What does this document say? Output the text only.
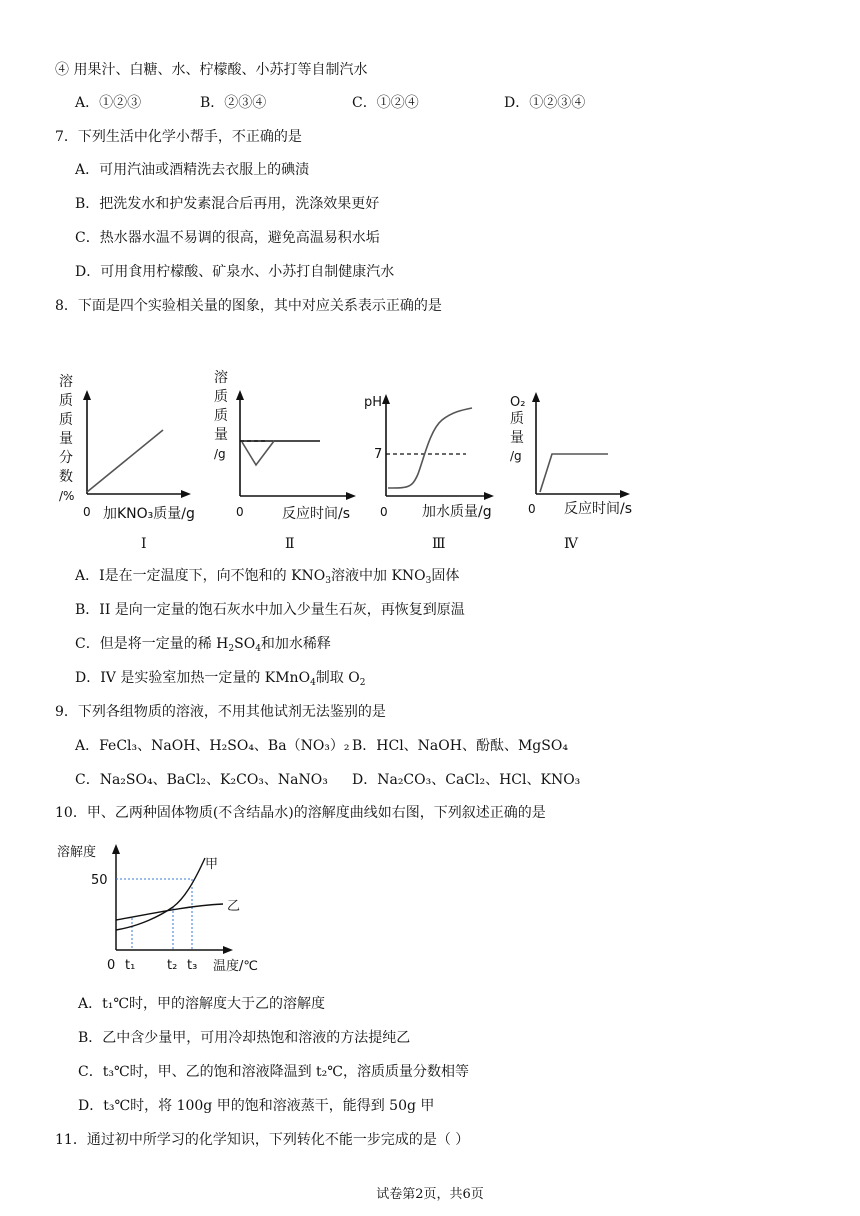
④ 用果汁、白糖、水、柠檬酸、小苏打等自制汽水
A．①②③	B．②③④	C．①②④	D．①②③④
7．下列生活中化学小帮手，不正确的是
A．可用汽油或酒精洗去衣服上的碘渍
B．把洗发水和护发素混合后再用，洗涤效果更好
C．热水器水温不易调的很高，避免高温易积水垢
D．可用食用柠檬酸、矿泉水、小苏打自制健康汽水
8．下面是四个实验相关量的图象，其中对应关系表示正确的是
溶
质
质
量
分
数
/%
0 加KNO₃质量/g
Ⅰ
溶
质
质
量
/g
0	反应时间/s
Ⅱ
pH
7
0 加水质量/g
Ⅲ
O₂
质
量
/g
0 反应时间/s
Ⅳ
A．Ⅰ是在一定温度下，向不饱和的 $KNO_3$溶液中加 $KNO_3$固体
B．II 是向一定量的饱石灰水中加入少量生石灰，再恢复到原温
C．但是将一定量的稀 $H_2SO_4$和加水稀释
D．IV 是实验室加热一定量的 KMnO$_4$制取 $O_2$
9．下列各组物质的溶液，不用其他试剂无法鉴别的是
A．FeCl₃、NaOH、H₂SO₄、Ba（NO₃）₂ B．HCl、NaOH、酚酞、MgSO₄
C．Na₂SO₄、BaCl₂、K₂CO₃、NaNO₃ D．Na₂CO₃、CaCl₂、HCl、KNO₃
10．甲、乙两种固体物质(不含结晶水)的溶解度曲线如右图，下列叙述正确的是
溶解度
50
甲
乙
0 t₁ t₂ t₃ 温度/℃
A．t₁℃时，甲的溶解度大于乙的溶解度
B．乙中含少量甲，可用冷却热饱和溶液的方法提纯乙
C．t₃℃时，甲、乙的饱和溶液降温到 t₂℃，溶质质量分数相等
D．t₃℃时，将 100g 甲的饱和溶液蒸干，能得到 50g 甲
11．通过初中所学习的化学知识，下列转化不能一步完成的是（ ）
试卷第2页，共6页
